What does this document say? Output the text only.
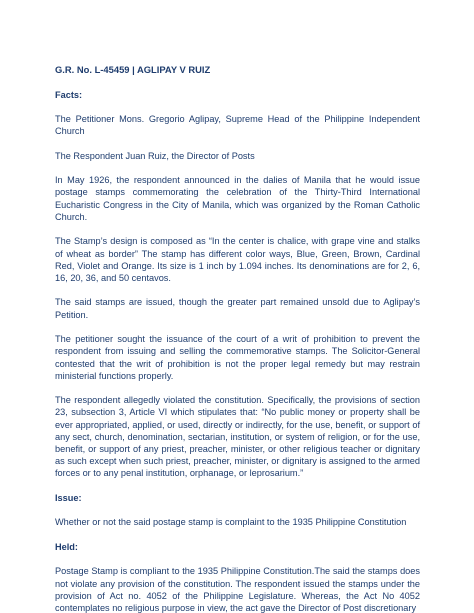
G.R. No. L-45459 | AGLIPAY V RUIZ

Facts:

The Petitioner Mons. Gregorio Aglipay, Supreme Head of the Philippine Independent Church

The Respondent Juan Ruiz, the Director of Posts

In May 1926, the respondent announced in the dalies of Manila that he would issue postage stamps commemorating the celebration of the Thirty-Third International Eucharistic Congress in the City of Manila, which was organized by the Roman Catholic Church.

The Stamp’s design is composed as “In the center is chalice, with grape vine and stalks of wheat as border” The stamp has different color ways, Blue, Green, Brown, Cardinal Red, Violet and Orange. Its size is 1 inch by 1.094 inches. Its denominations are for 2, 6, 16, 20, 36, and 50 centavos.

The said stamps are issued, though the greater part remained unsold due to Aglipay’s Petition.

The petitioner sought the issuance of the court of a writ of prohibition to prevent the respondent from issuing and selling the commemorative stamps. The Solicitor-General contested that the writ of prohibition is not the proper legal remedy but may restrain ministerial functions properly.

The respondent allegedly violated the constitution. Specifically, the provisions of section 23, subsection 3, Article VI which stipulates that: “No public money or property shall be ever appropriated, applied, or used, directly or indirectly, for the use, benefit, or support of any sect, church, denomination, sectarian, institution, or system of religion, or for the use, benefit, or support of any priest, preacher, minister, or other religious teacher or dignitary as such except when such priest, preacher, minister, or dignitary is assigned to the armed forces or to any penal institution, orphanage, or leprosarium.”

Issue:

Whether or not the said postage stamp is complaint to the 1935 Philippine Constitution

Held:

Postage Stamp is compliant to the 1935 Philippine Constitution.The said the stamps does not violate any provision of the constitution. The respondent issued the stamps under the provision of Act no. 4052 of the Philippine Legislature. Whereas, the Act No 4052 contemplates no religious purpose in view, the act gave the Director of Post discretionary
